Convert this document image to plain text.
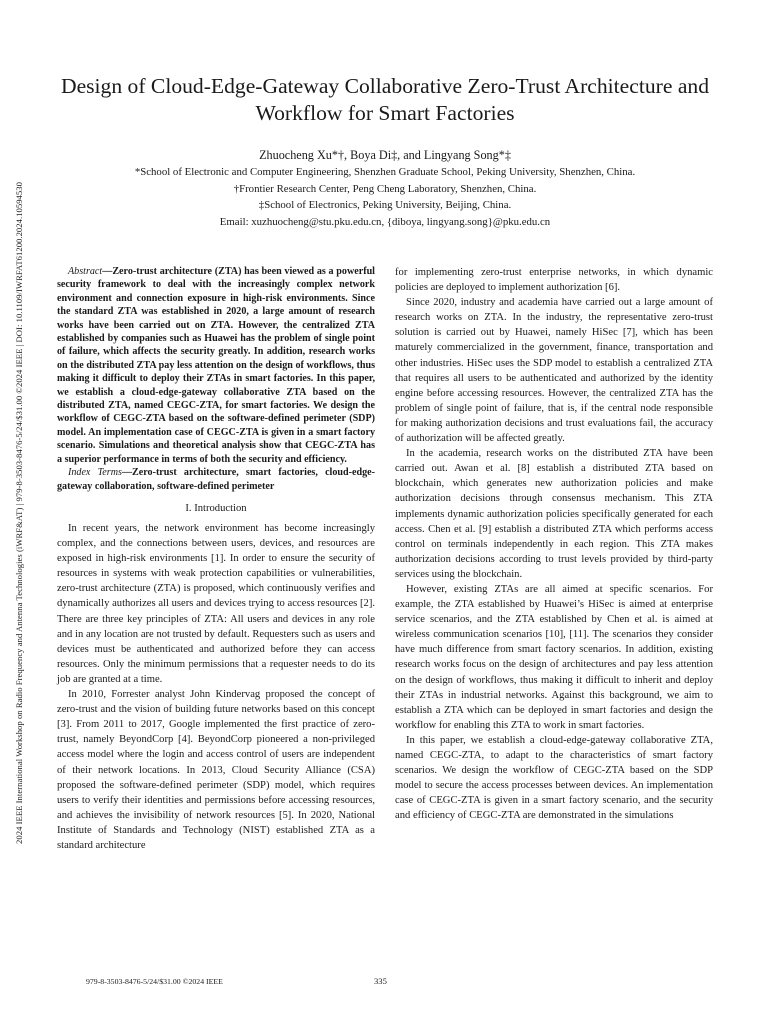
2024 IEEE International Workshop on Radio Frequency and Antenna Technologies (iWRF&AT) | 979-8-3503-8476-5/24/$31.00 ©2024 IEEE | DOI: 10.1109/IWRFAT61200.2024.10594530
Design of Cloud-Edge-Gateway Collaborative Zero-Trust Architecture and Workflow for Smart Factories
Zhuocheng Xu*†, Boya Di‡, and Lingyang Song*‡
*School of Electronic and Computer Engineering, Shenzhen Graduate School, Peking University, Shenzhen, China.
†Frontier Research Center, Peng Cheng Laboratory, Shenzhen, China.
‡School of Electronics, Peking University, Beijing, China.
Email: xuzhuocheng@stu.pku.edu.cn, {diboya, lingyang.song}@pku.edu.cn

Abstract—Zero-trust architecture (ZTA) has been viewed as a powerful security framework to deal with the increasingly complex network environment and connection exposure in high-risk environments. Since the standard ZTA was established in 2020, a large amount of research works have been carried out on ZTA. However, the centralized ZTA established by companies such as Huawei has the problem of single point of failure, which affects the security greatly. In addition, research works on the distributed ZTA pay less attention on the design of workflows, thus making it difficult to deploy their ZTAs in smart factories. In this paper, we establish a cloud-edge-gateway collaborative ZTA based on the distributed ZTA, named CEGC-ZTA, for smart factories. We design the workflow of CEGC-ZTA based on the software-defined perimeter (SDP) model. An implementation case of CEGC-ZTA is given in a smart factory scenario. Simulations and theoretical analysis show that CEGC-ZTA has a superior performance in terms of both the security and efficiency.

Index Terms—Zero-trust architecture, smart factories, cloud-edge-gateway collaboration, software-defined perimeter

I. Introduction

In recent years, the network environment has become increasingly complex, and the connections between users, devices, and resources are exposed in high-risk environments [1]. In order to ensure the security of resources in systems with weak protection capabilities or vulnerabilities, zero-trust architecture (ZTA) is proposed, which continuously verifies and dynamically authorizes all users and devices trying to access resources [2]. There are three key principles of ZTA: All users and devices in any role and in any location are not trusted by default. Requesters such as users and devices must be authenticated and authorized before they can access resources. Only the minimum permissions that a requester needs to do its job are granted at a time.

In 2010, Forrester analyst John Kindervag proposed the concept of zero-trust and the vision of building future networks based on this concept [3]. From 2011 to 2017, Google implemented the first practice of zero-trust, namely BeyondCorp [4]. BeyondCorp pioneered a non-privileged access model where the login and access control of users are independent of their network locations. In 2013, Cloud Security Alliance (CSA) proposed the software-defined perimeter (SDP) model, which requires users to verify their identities and permissions before accessing resources, and achieves the invisibility of network resources [5]. In 2020, National Institute of Standards and Technology (NIST) established ZTA as a standard architecture

for implementing zero-trust enterprise networks, in which dynamic policies are deployed to implement authorization [6].

Since 2020, industry and academia have carried out a large amount of research works on ZTA. In the industry, the representative zero-trust solution is carried out by Huawei, namely HiSec [7], which has been maturely commercialized in the government, finance, transportation and other industries. HiSec uses the SDP model to establish a centralized ZTA that requires all users to be authenticated and authorized by the identity engine before accessing resources. However, the centralized ZTA has the problem of single point of failure, that is, if the central node responsible for making authorization decisions and trust evaluations fail, the accuracy of authorization will be affected greatly.

In the academia, research works on the distributed ZTA have been carried out. Awan et al. [8] establish a distributed ZTA based on blockchain, which generates new authorization policies and make authorization decisions through consensus mechanism. This ZTA implements dynamic authorization policies specifically generated for each access. Chen et al. [9] establish a distributed ZTA which performs access control on terminals independently in each region. This ZTA makes authorization decisions according to trust levels provided by third-party services using the blockchain.

However, existing ZTAs are all aimed at specific scenarios. For example, the ZTA established by Huawei’s HiSec is aimed at enterprise service scenarios, and the ZTA established by Chen et al. is aimed at wireless communication scenarios [10], [11]. The scenarios they consider have much difference from smart factory scenarios. In addition, existing research works focus on the design of architectures and pay less attention on the design of workflows, thus making it difficult to inherit and deploy their ZTAs in industrial networks. Against this background, we aim to establish a ZTA which can be deployed in smart factories and design the workflow for enabling this ZTA to work in smart factories.

In this paper, we establish a cloud-edge-gateway collaborative ZTA, named CEGC-ZTA, to adapt to the characteristics of smart factory scenarios. We design the workflow of CEGC-ZTA based on the SDP model to secure the access processes between devices. An implementation case of CEGC-ZTA is given in a smart factory scenario, and the security and efficiency of CEGC-ZTA are demonstrated in the simulations

979-8-3503-8476-5/24/$31.00 ©2024 IEEE	335
